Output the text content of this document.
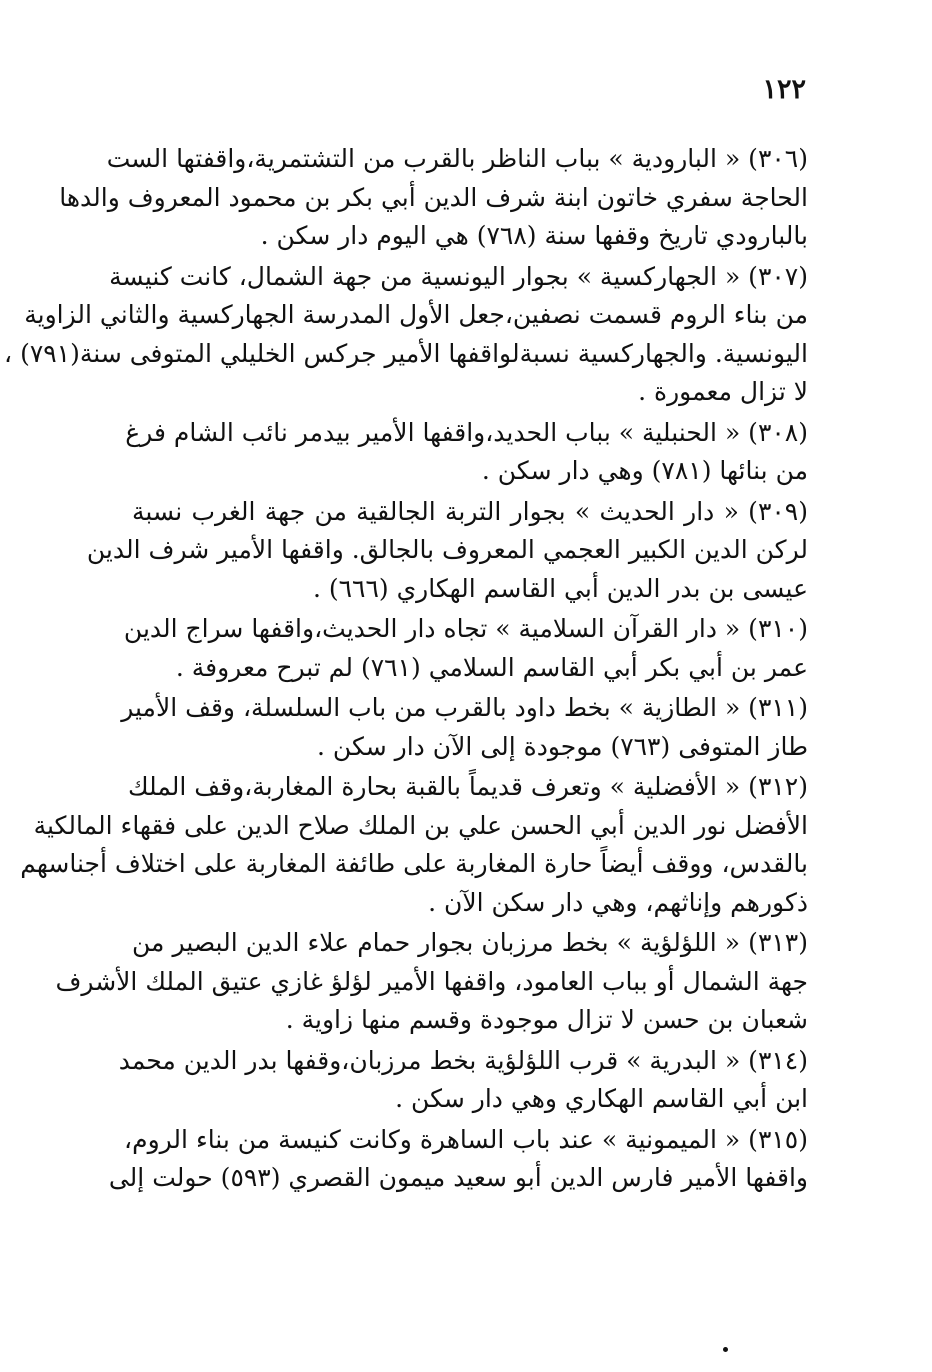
١٢٢
(٣٠٦) « البارودية » بباب الناظر بالقرب من التشتمرية،واقفتها الست
الحاجة سفري خاتون ابنة شرف الدين أبي بكر بن محمود المعروف والدها
بالبارودي تاريخ وقفها سنة (٧٦٨) هي اليوم دار سكن .
(٣٠٧) « الجهاركسية » بجوار اليونسية من جهة الشمال، كانت كنيسة
من بناء الروم قسمت نصفين،جعل الأول المدرسة الجهاركسية والثاني الزاوية
اليونسية. والجهاركسية نسبةلواقفها الأمير جركس الخليلي المتوفى سنة(٧٩١) ،
لا تزال معمورة .
(٣٠٨) « الحنبلية » بباب الحديد،واقفها الأمير بيدمر نائب الشام فرغ
من بنائها (٧٨١) وهي دار سكن .
(٣٠٩) « دار الحديث » بجوار التربة الجالقية من جهة الغرب نسبة
لركن الدين الكبير العجمي المعروف بالجالق. واقفها الأمير شرف الدين
عيسى بن بدر الدين أبي القاسم الهكاري (٦٦٦) .
(٣١٠) « دار القرآن السلامية » تجاه دار الحديث،واقفها سراج الدين
عمر بن أبي بكر أبي القاسم السلامي (٧٦١) لم تبرح معروفة .
(٣١١) « الطازية » بخط داود بالقرب من باب السلسلة، وقف الأمير
طاز المتوفى (٧٦٣) موجودة إلى الآن دار سكن .
(٣١٢) « الأفضلية » وتعرف قديماً بالقبة بحارة المغاربة،وقف الملك
الأفضل نور الدين أبي الحسن علي بن الملك صلاح الدين على فقهاء المالكية
بالقدس، ووقف أيضاً حارة المغاربة على طائفة المغاربة على اختلاف أجناسهم
ذكورهم وإناثهم، وهي دار سكن الآن .
(٣١٣) « اللؤلؤية » بخط مرزبان بجوار حمام علاء الدين البصير من
جهة الشمال أو بباب العامود، واقفها الأمير لؤلؤ غازي عتيق الملك الأشرف
شعبان بن حسن لا تزال موجودة وقسم منها زاوية .
(٣١٤) « البدرية » قرب اللؤلؤية بخط مرزبان،وقفها بدر الدين محمد
ابن أبي القاسم الهكاري وهي دار سكن .
(٣١٥) « الميمونية » عند باب الساهرة وكانت كنيسة من بناء الروم،
واقفها الأمير فارس الدين أبو سعيد ميمون القصري (٥٩٣) حولت إلى
